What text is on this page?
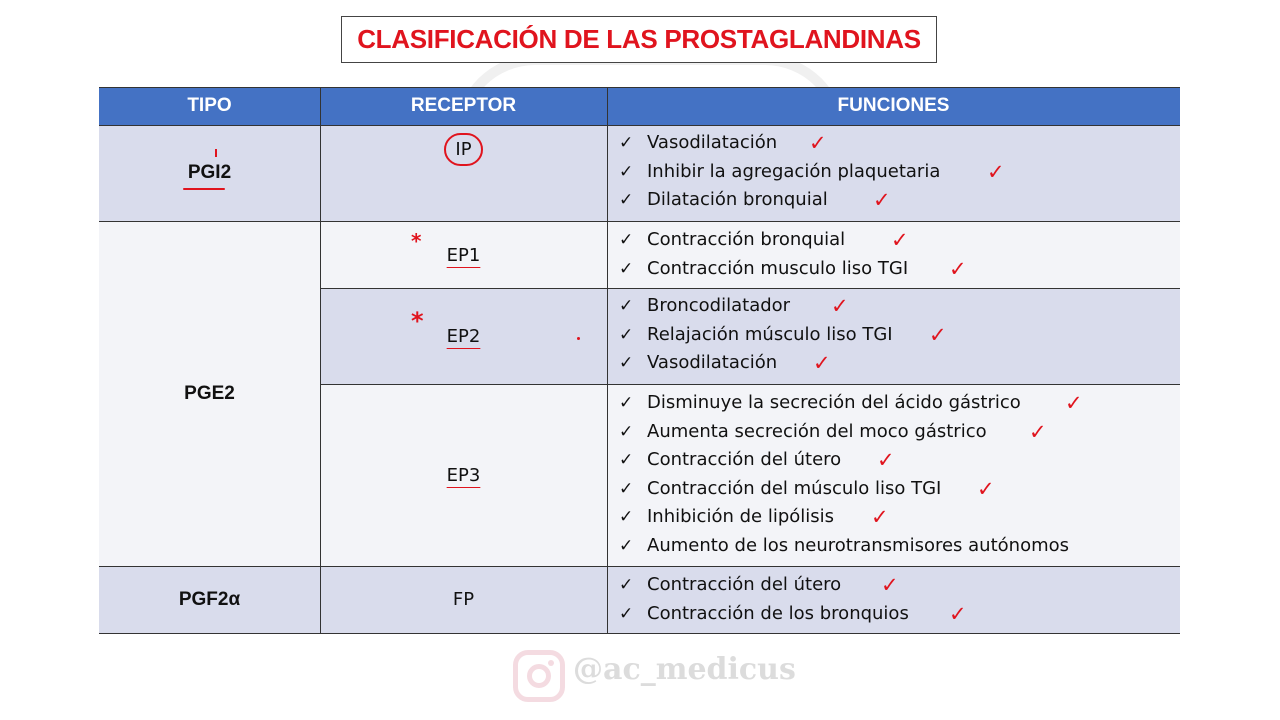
CLASIFICACIÓN DE LAS PROSTAGLANDINAS
TIPO	RECEPTOR	FUNCIONES
PGI2
PGE2
PGF2α
IP
EP1
EP2
EP3
FP
✓ Vasodilatación ✓
✓ Inhibir la agregación plaquetaria ✓
✓ Dilatación bronquial ✓
✓ Contracción bronquial ✓
✓ Contracción musculo liso TGI ✓
✓ Broncodilatador ✓
✓ Relajación músculo liso TGI ✓
✓ Vasodilatación ✓
✓ Disminuye la secreción del ácido gástrico ✓
✓ Aumenta secreción del moco gástrico ✓
✓ Contracción del útero ✓
✓ Contracción del músculo liso TGI ✓
✓ Inhibición de lipólisis ✓
✓ Aumento de los neurotransmisores autónomos
✓ Contracción del útero ✓
✓ Contracción de los bronquios ✓
*
*
@ac_medicus
